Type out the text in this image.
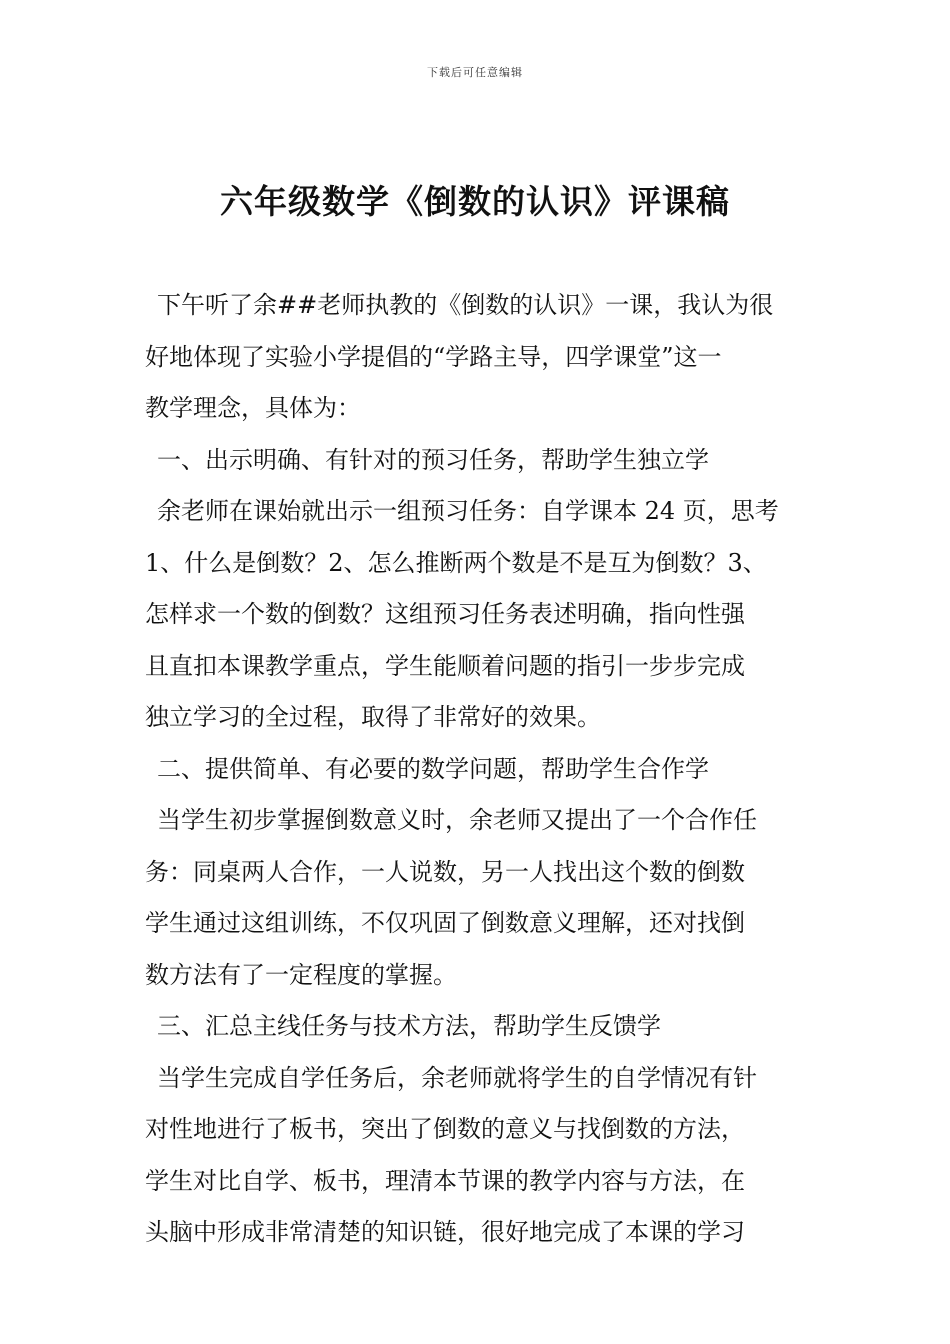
下载后可任意编辑
六年级数学《倒数的认识》评课稿
下午听了余##老师执教的《倒数的认识》一课，我认为很
好地体现了实验小学提倡的“学路主导，四学课堂”这一
教学理念，具体为：
一、出示明确、有针对的预习任务，帮助学生独立学
余老师在课始就出示一组预习任务：自学课本 24 页，思考
1、什么是倒数？2、怎么推断两个数是不是互为倒数？3、
怎样求一个数的倒数？这组预习任务表述明确，指向性强
且直扣本课教学重点，学生能顺着问题的指引一步步完成
独立学习的全过程，取得了非常好的效果。
二、提供简单、有必要的数学问题，帮助学生合作学
当学生初步掌握倒数意义时，余老师又提出了一个合作任
务：同桌两人合作，一人说数，另一人找出这个数的倒数
学生通过这组训练，不仅巩固了倒数意义理解，还对找倒
数方法有了一定程度的掌握。
三、汇总主线任务与技术方法，帮助学生反馈学
当学生完成自学任务后，余老师就将学生的自学情况有针
对性地进行了板书，突出了倒数的意义与找倒数的方法，
学生对比自学、板书，理清本节课的教学内容与方法，在
头脑中形成非常清楚的知识链，很好地完成了本课的学习
